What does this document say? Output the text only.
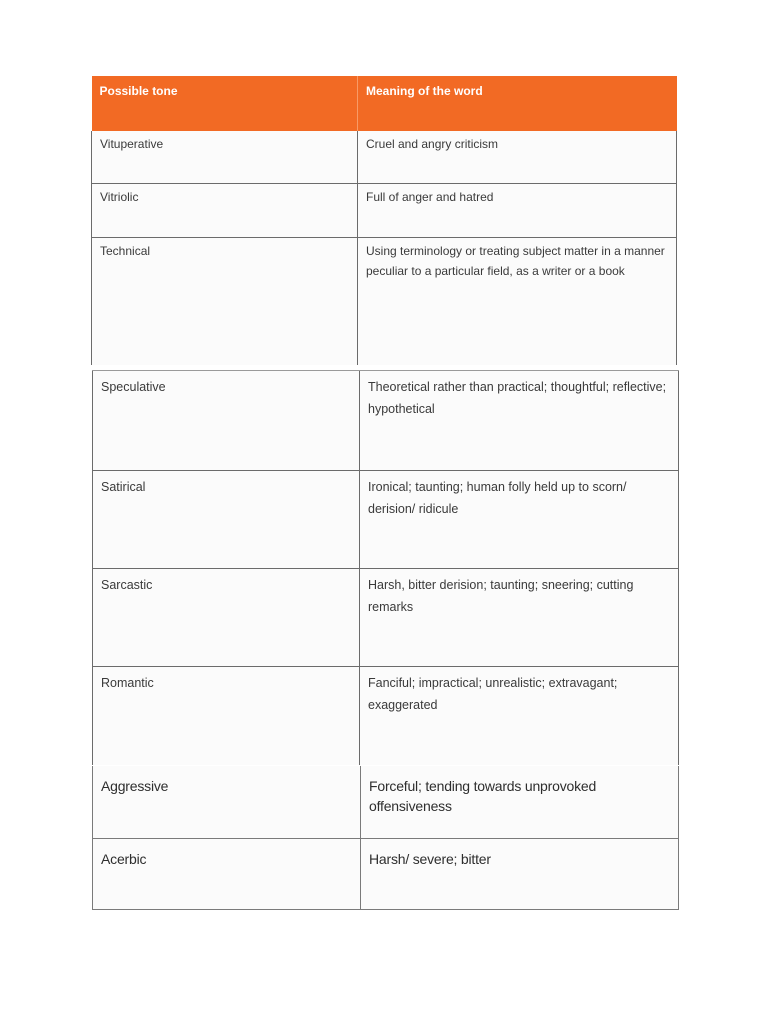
Possible tone	Meaning of the word
Vituperative	Cruel and angry criticism
Vitriolic	Full of anger and hatred
Technical	Using terminology or treating subject matter in a manner peculiar to a particular field, as a writer or a book
Speculative	Theoretical rather than practical; thoughtful; reflective; hypothetical
Satirical	Ironical; taunting; human folly held up to scorn/ derision/ ridicule
Sarcastic	Harsh, bitter derision; taunting; sneering; cutting remarks
Romantic	Fanciful; impractical; unrealistic; extravagant; exaggerated
Aggressive	Forceful; tending towards unprovoked offensiveness
Acerbic	Harsh/ severe; bitter
